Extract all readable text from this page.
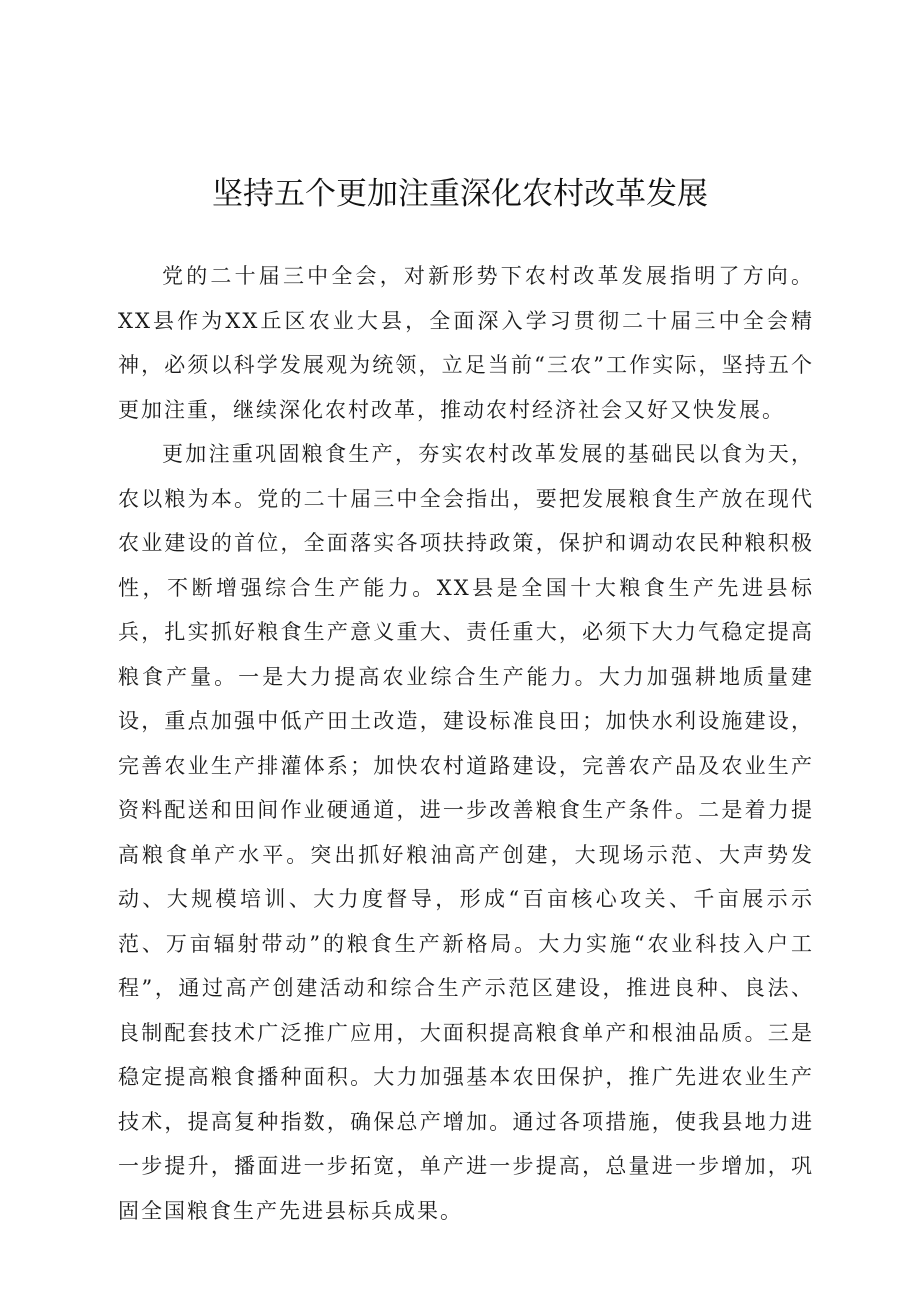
坚持五个更加注重深化农村改革发展

党的二十届三中全会，对新形势下农村改革发展指明了方向。XX县作为XX丘区农业大县，全面深入学习贯彻二十届三中全会精神，必须以科学发展观为统领，立足当前“三农”工作实际，坚持五个更加注重，继续深化农村改革，推动农村经济社会又好又快发展。

更加注重巩固粮食生产，夯实农村改革发展的基础民以食为天，农以粮为本。党的二十届三中全会指出，要把发展粮食生产放在现代农业建设的首位，全面落实各项扶持政策，保护和调动农民种粮积极性，不断增强综合生产能力。XX县是全国十大粮食生产先进县标兵，扎实抓好粮食生产意义重大、责任重大，必须下大力气稳定提高粮食产量。一是大力提高农业综合生产能力。大力加强耕地质量建设，重点加强中低产田土改造，建设标准良田；加快水利设施建设，完善农业生产排灌体系；加快农村道路建设，完善农产品及农业生产资料配送和田间作业硬通道，进一步改善粮食生产条件。二是着力提高粮食单产水平。突出抓好粮油高产创建，大现场示范、大声势发动、大规模培训、大力度督导，形成“百亩核心攻关、千亩展示示范、万亩辐射带动”的粮食生产新格局。大力实施“农业科技入户工程”，通过高产创建活动和综合生产示范区建设，推进良种、良法、良制配套技术广泛推广应用，大面积提高粮食单产和根油品质。三是稳定提高粮食播种面积。大力加强基本农田保护，推广先进农业生产技术，提高复种指数，确保总产增加。通过各项措施，使我县地力进一步提升，播面进一步拓宽，单产进一步提高，总量进一步增加，巩固全国粮食生产先进县标兵成果。
